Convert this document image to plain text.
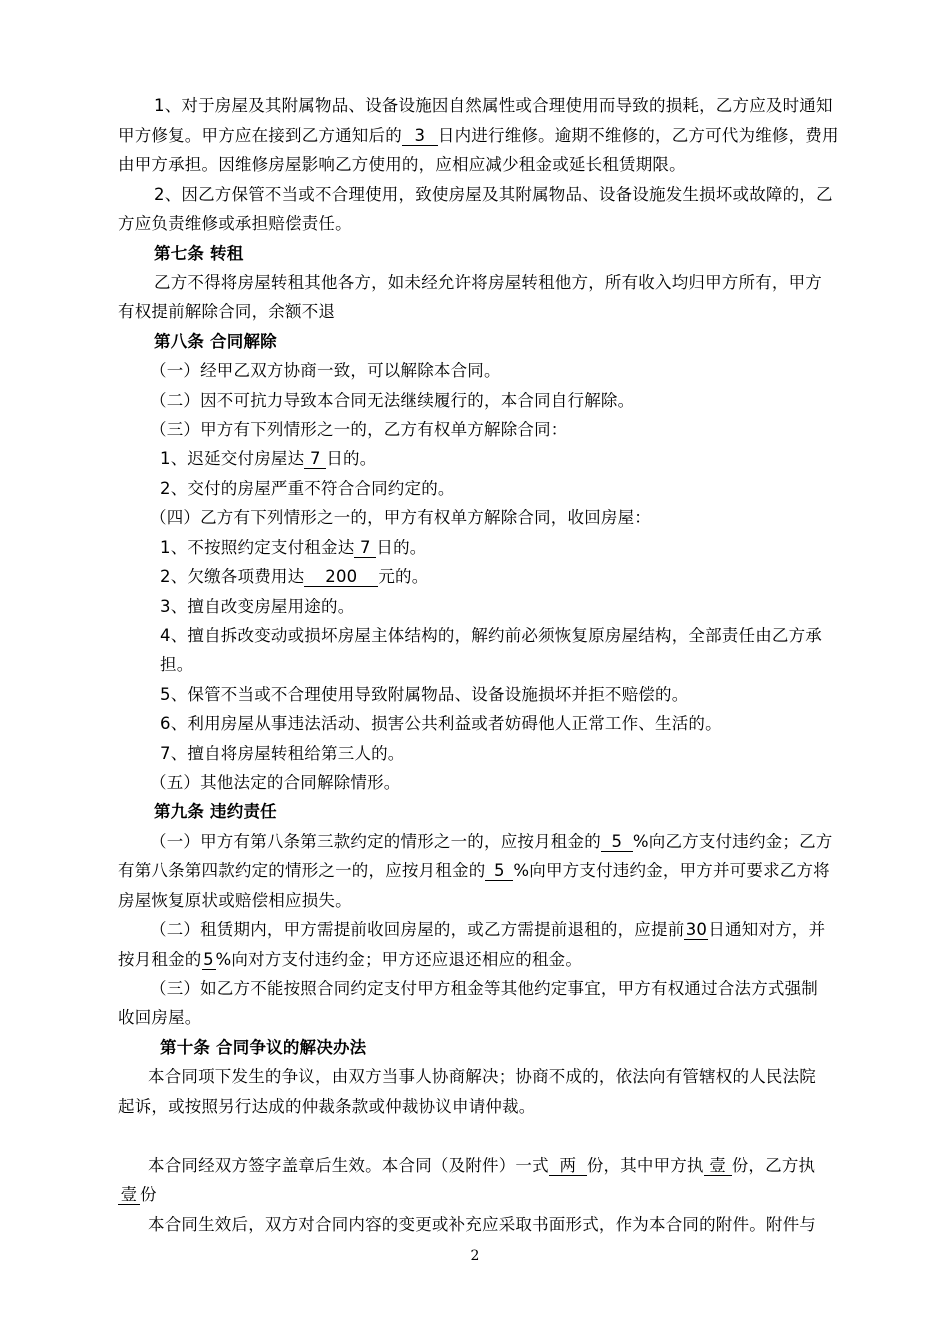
1、对于房屋及其附属物品、设备设施因自然属性或合理使用而导致的损耗，乙方应及时通知
甲方修复。甲方应在接到乙方通知后的 3 日内进行维修。逾期不维修的，乙方可代为维修，费用
由甲方承担。因维修房屋影响乙方使用的，应相应减少租金或延长租赁期限。
2、因乙方保管不当或不合理使用，致使房屋及其附属物品、设备设施发生损坏或故障的，乙
方应负责维修或承担赔偿责任。
第七条 转租
乙方不得将房屋转租其他各方，如未经允许将房屋转租他方，所有收入均归甲方所有，甲方
有权提前解除合同，余额不退
第八条 合同解除
（一）经甲乙双方协商一致，可以解除本合同。
（二）因不可抗力导致本合同无法继续履行的，本合同自行解除。
（三）甲方有下列情形之一的，乙方有权单方解除合同：
1、迟延交付房屋达 7 日的。
2、交付的房屋严重不符合合同约定的。
（四）乙方有下列情形之一的，甲方有权单方解除合同，收回房屋：
1、不按照约定支付租金达 7 日的。
2、欠缴各项费用达 200 元的。
3、擅自改变房屋用途的。
4、擅自拆改变动或损坏房屋主体结构的，解约前必须恢复原房屋结构，全部责任由乙方承
担。
5、保管不当或不合理使用导致附属物品、设备设施损坏并拒不赔偿的。
6、利用房屋从事违法活动、损害公共利益或者妨碍他人正常工作、生活的。
7、擅自将房屋转租给第三人的。
（五）其他法定的合同解除情形。
第九条 违约责任
（一）甲方有第八条第三款约定的情形之一的，应按月租金的 5 %向乙方支付违约金；乙方
有第八条第四款约定的情形之一的，应按月租金的 5 %向甲方支付违约金，甲方并可要求乙方将
房屋恢复原状或赔偿相应损失。
（二）租赁期内，甲方需提前收回房屋的，或乙方需提前退租的，应提前30日通知对方，并
按月租金的5 %向对方支付违约金；甲方还应退还相应的租金。
（三）如乙方不能按照合同约定支付甲方租金等其他约定事宜，甲方有权通过合法方式强制
收回房屋。
第十条 合同争议的解决办法
本合同项下发生的争议，由双方当事人协商解决；协商不成的，依法向有管辖权的人民法院
起诉，或按照另行达成的仲裁条款或仲裁协议申请仲裁。
本合同经双方签字盖章后生效。本合同（及附件）一式 两 份，其中甲方执 壹 份，乙方执
壹 份
本合同生效后，双方对合同内容的变更或补充应采取书面形式，作为本合同的附件。附件与
2
